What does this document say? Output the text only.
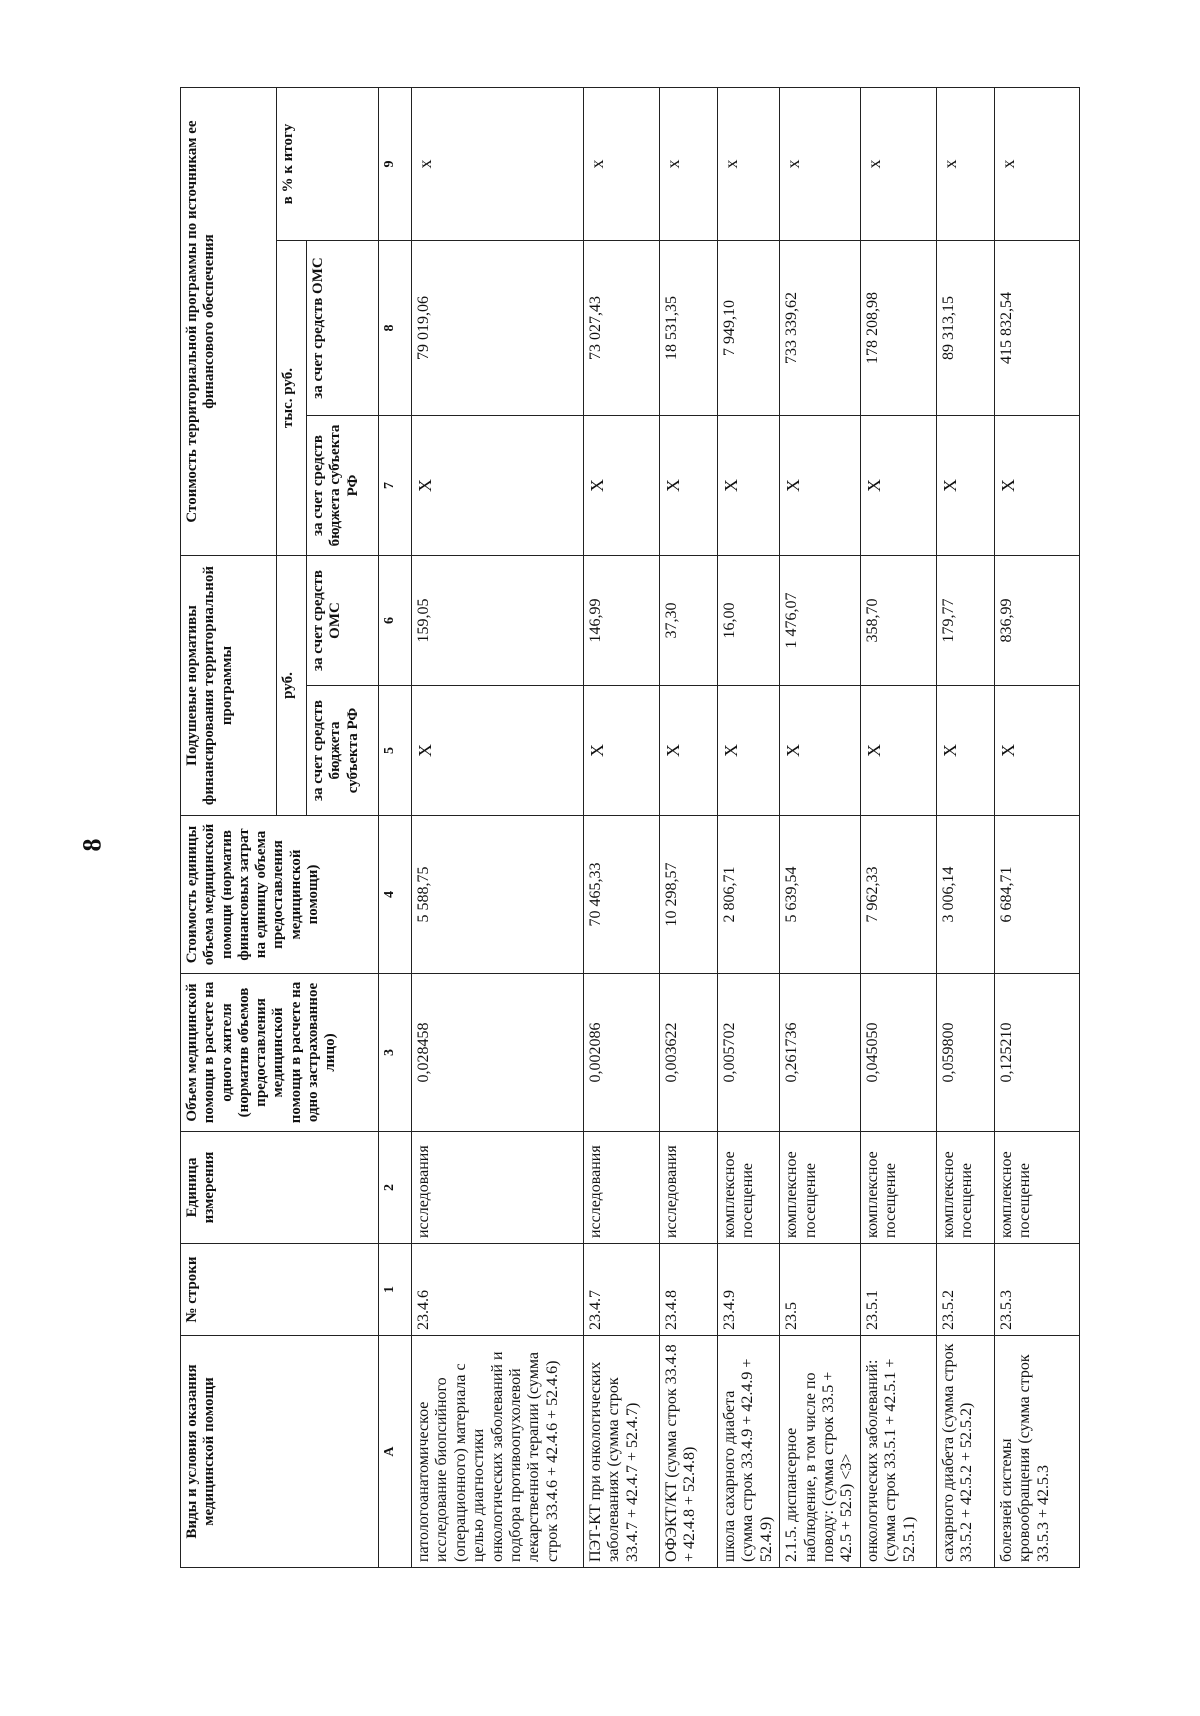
8
Виды и условия оказания медицинской помощи	№ строки	Единица измерения	Объем медицинской помощи в расчете на одного жителя (норматив объемов предоставления медицинской помощи в расчете на одно застрахованное лицо)	Стоимость единицы объема медицинской помощи (норматив финансовых затрат на единицу объема предоставления медицинской помощи)	Подушевые нормативы финансирования территориальной программы		Стоимость территориальной программы по источникам ее финансового обеспечения		
					руб.		тыс. руб.		в % к итогу
					за счет средств бюджета субъекта РФ	за счет средств ОМС	за счет средств бюджета субъекта РФ	за счет средств ОМС	
А	1	2	3	4	5	6	7	8	9
патологоанатомическое исследование биопсийного (операционного) материала с целью диагностики онкологических заболеваний и подбора противоопухолевой лекарственной терапии (сумма строк 33.4.6 + 42.4.6 + 52.4.6)	23.4.6	исследования	0,028458	5 588,75	X	159,05	X	79 019,06	x
ПЭТ-КТ при онкологических заболеваниях (сумма строк 33.4.7 + 42.4.7 + 52.4.7)	23.4.7	исследования	0,002086	70 465,33	X	146,99	X	73 027,43	x
ОФЭКТ/КТ (сумма строк 33.4.8 + 42.4.8 + 52.4.8)	23.4.8	исследования	0,003622	10 298,57	X	37,30	X	18 531,35	x
школа сахарного диабета (сумма строк 33.4.9 + 42.4.9 + 52.4.9)	23.4.9	комплексное посещение	0,005702	2 806,71	X	16,00	X	7 949,10	x
2.1.5. диспансерное наблюдение, в том числе по поводу: (сумма строк 33.5 + 42.5 + 52.5) <3>	23.5	комплексное посещение	0,261736	5 639,54	X	1 476,07	X	733 339,62	x
онкологических заболеваний: (сумма строк 33.5.1 + 42.5.1 + 52.5.1)	23.5.1	комплексное посещение	0,045050	7 962,33	X	358,70	X	178 208,98	x
сахарного диабета (сумма строк 33.5.2 + 42.5.2 + 52.5.2)	23.5.2	комплексное посещение	0,059800	3 006,14	X	179,77	X	89 313,15	x
болезней системы кровообращения (сумма строк 33.5.3 + 42.5.3	23.5.3	комплексное посещение	0,125210	6 684,71	X	836,99	X	415 832,54	x
